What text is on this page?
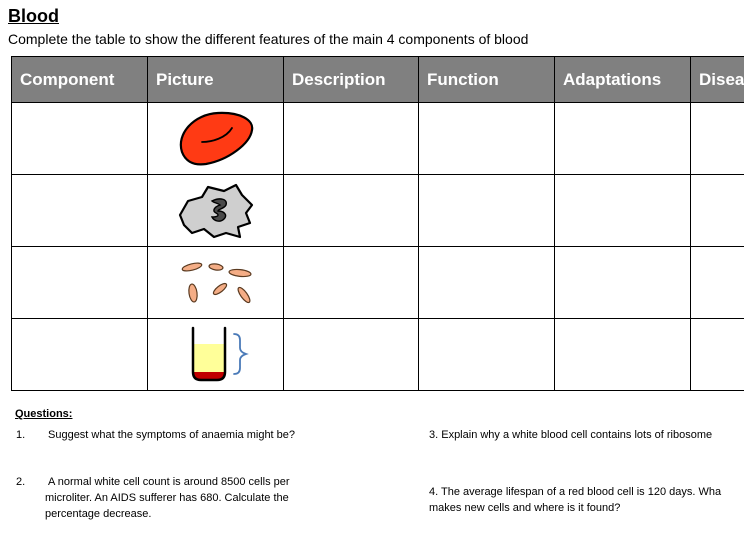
Blood
Complete the table to show the different features of the main 4 components of blood
Component	Picture	Description	Function	Adaptations	Disea

Questions:
1.	Suggest what the symptoms of anaemia might be?
2.	A normal white cell count is around 8500 cells per
microliter. An AIDS sufferer has 680. Calculate the
percentage decrease.
3. Explain why a white blood cell contains lots of ribosome
4. The average lifespan of a red blood cell is 120 days. Wha
makes new cells and where is it found?
